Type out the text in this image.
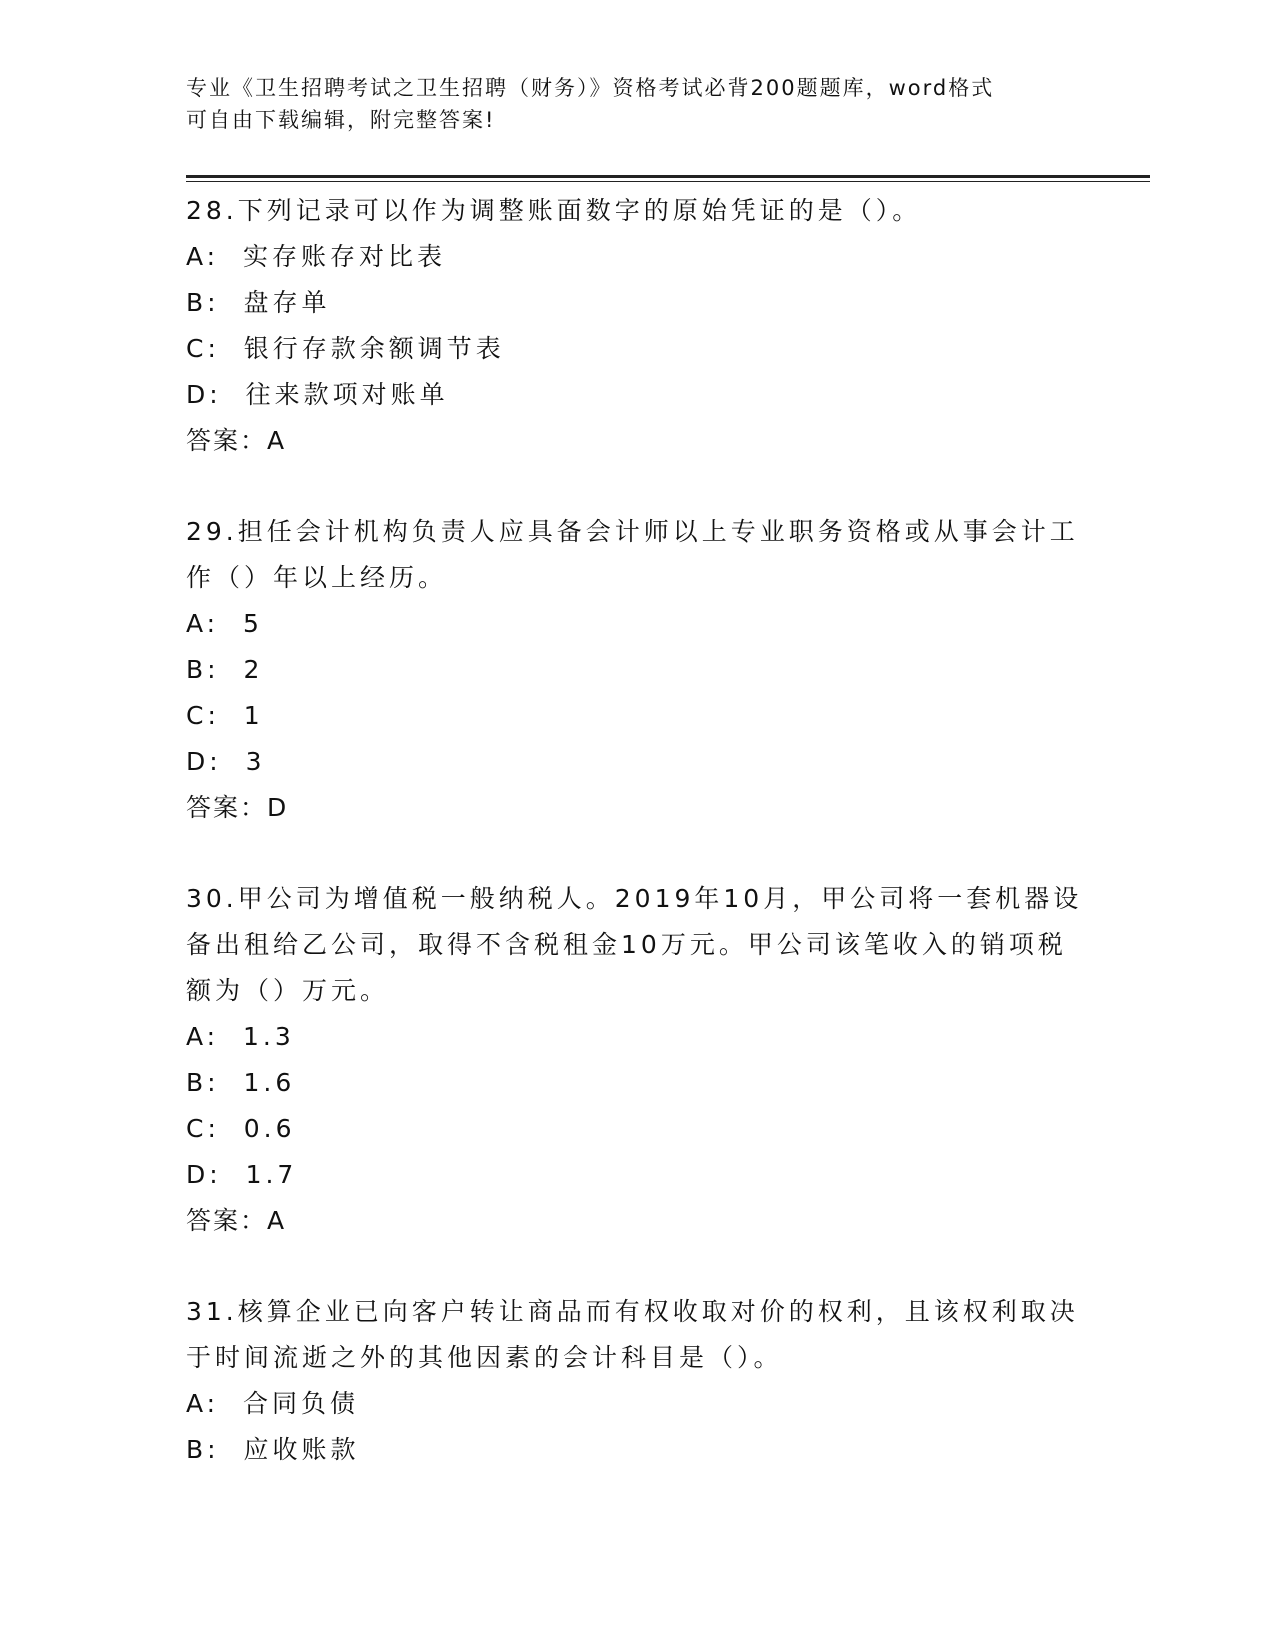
专业《卫生招聘考试之卫生招聘（财务）》资格考试必背200题题库，word格式
可自由下载编辑，附完整答案!

28.下列记录可以作为调整账面数字的原始凭证的是（）。

A:  实存账存对比表

B:  盘存单

C:  银行存款余额调节表

D:  往来款项对账单

答案：A

29.担任会计机构负责人应具备会计师以上专业职务资格或从事会计工作（）年以上经历。

A:  5

B:  2

C:  1

D:  3

答案：D

30.甲公司为增值税一般纳税人。2019年10月，甲公司将一套机器设备出租给乙公司，取得不含税租金10万元。甲公司该笔收入的销项税额为（）万元。

A:  1.3

B:  1.6

C:  0.6

D:  1.7

答案：A

31.核算企业已向客户转让商品而有权收取对价的权利，且该权利取决于时间流逝之外的其他因素的会计科目是（）。

A:  合同负债

B:  应收账款
